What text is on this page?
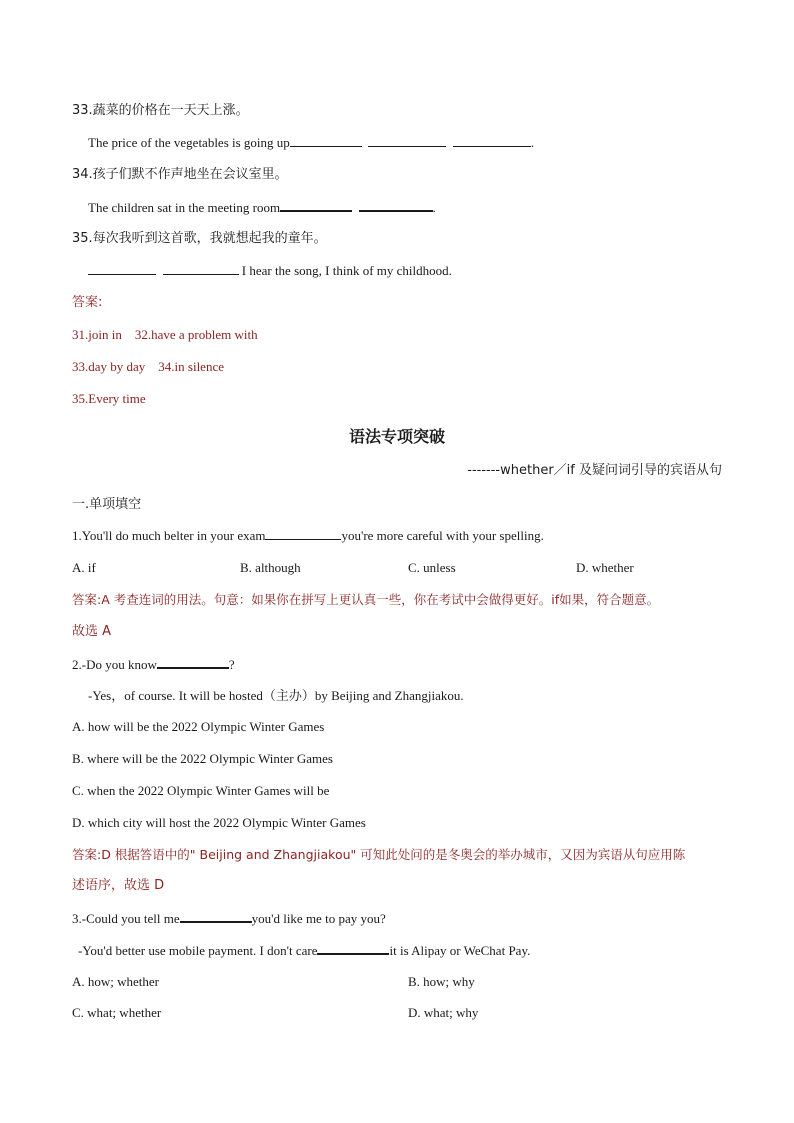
33.蔬菜的价格在一天天上涨。
The price of the vegetables is going up	.
34.孩子们默不作声地坐在会议室里。
The children sat in the meeting room	.
35.每次我听到这首歌，我就想起我的童年。
I hear the song, I think of my childhood.
答案:
31.join in    32.have a problem with
33.day by day    34.in silence
35.Every time
语法专项突破
-------whether／if 及疑问词引导的宾语从句
一.单项填空
1.You'll do much belter in your exam	you're more careful with your spelling.
A. if	B. although	C. unless	D. whether
答案:A 考查连词的用法。句意：如果你在拼写上更认真一些，你在考试中会做得更好。if如果，符合题意。
故选 A
2.-Do you know	?
-Yes，of course. It will be hosted（主办）by Beijing and Zhangjiakou.
A. how will be the 2022 Olympic Winter Games
B. where will be the 2022 Olympic Winter Games
C. when the 2022 Olympic Winter Games will be
D. which city will host the 2022 Olympic Winter Games
答案:D 根据答语中的" Beijing and Zhangjiakou" 可知此处问的是冬奥会的举办城市，又因为宾语从句应用陈
述语序，故选 D
3.-Could you tell me	you'd like me to pay you?
-You'd better use mobile payment. I don't care	it is Alipay or WeChat Pay.
A. how; whether	B. how; why
C. what; whether	D. what; why
